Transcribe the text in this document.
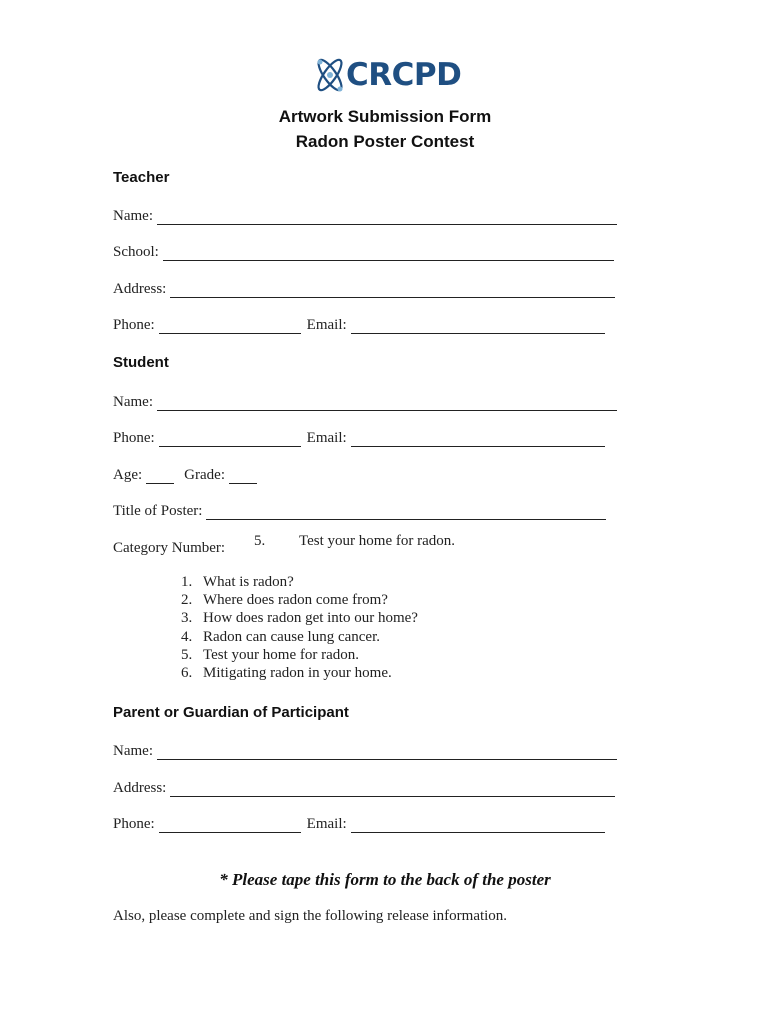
CRCPD
Artwork Submission Form
Radon Poster Contest
Teacher
Name:
School:
Address:
Phone:	Email:
Student
Name:
Phone:	Email:
Age:	Grade:
Title of Poster:
Category Number: 5. Test your home for radon.
1. What is radon?
2. Where does radon come from?
3. How does radon get into our home?
4. Radon can cause lung cancer.
5. Test your home for radon.
6. Mitigating radon in your home.
Parent or Guardian of Participant
Name:
Address:
Phone:	Email:
* Please tape this form to the back of the poster
Also, please complete and sign the following release information.
